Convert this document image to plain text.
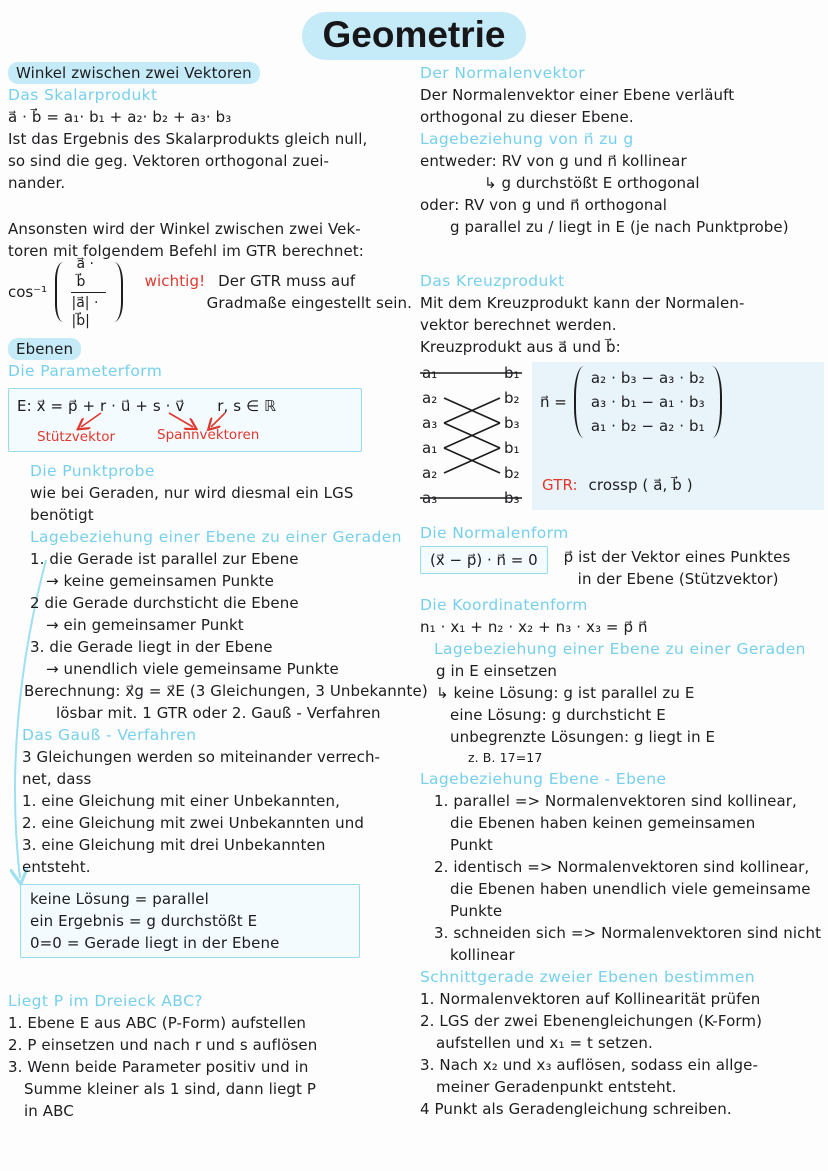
Geometrie
Winkel zwischen zwei Vektoren
Das Skalarprodukt
a⃗ · b⃗ = a₁· b₁ + a₂· b₂ + a₃· b₃
Ist das Ergebnis des Skalarprodukts gleich null,
so sind die geg. Vektoren orthogonal zuei-
nander.
Ansonsten wird der Winkel zwischen zwei Vek-
toren mit folgendem Befehl im GTR berechnet:
$\cos^{-1} \frac{a⃗ \cdot b⃗}{|a⃗| \cdot |b⃗|}$	wichtig! Der GTR muss auf
Gradmaße eingestellt sein.
Ebenen
Die Parameterform
E: x⃗ = p⃗ + r · u⃗ + s · v⃗ r, s ∈ ℝ
Stützvektor	Spannvektoren
Die Punktprobe
wie bei Geraden, nur wird diesmal ein LGS
benötigt
Lagebeziehung einer Ebene zu einer Geraden
1. die Gerade ist parallel zur Ebene
→ keine gemeinsamen Punkte
2 die Gerade durchsticht die Ebene
→ ein gemeinsamer Punkt
3. die Gerade liegt in der Ebene
→ unendlich viele gemeinsame Punkte
Berechnung: x⃗g = x⃗E (3 Gleichungen, 3 Unbekannte)
lösbar mit. 1 GTR oder 2. Gauß - Verfahren
Das Gauß - Verfahren
3 Gleichungen werden so miteinander verrech-
net, dass
1. eine Gleichung mit einer Unbekannten,
2. eine Gleichung mit zwei Unbekannten und
3. eine Gleichung mit drei Unbekannten
entsteht.
keine Lösung = parallel
ein Ergebnis = g durchstößt E
0=0 = Gerade liegt in der Ebene
Liegt P im Dreieck ABC?
1. Ebene E aus ABC (P-Form) aufstellen
2. P einsetzen und nach r und s auflösen
3. Wenn beide Parameter positiv und in
Summe kleiner als 1 sind, dann liegt P
in ABC
Der Normalenvektor
Der Normalenvektor einer Ebene verläuft
orthogonal zu dieser Ebene.
Lagebeziehung von n⃗ zu g
entweder: RV von g und n⃗ kollinear
↳ g durchstößt E orthogonal
oder: RV von g und n⃗ orthogonal
g parallel zu / liegt in E (je nach Punktprobe)
Das Kreuzprodukt
Mit dem Kreuzprodukt kann der Normalen-
vektor berechnet werden.
Kreuzprodukt aus a⃗ und b⃗:
a₁
a₂
a₃
a₁
a₂
a₃
b₁
b₂
b₃
b₁
b₂
b₃
n⃗ =
a₂ · b₃ − a₃ · b₂
a₃ · b₁ − a₁ · b₃
a₁ · b₂ − a₂ · b₁
GTR: crossp ( a⃗, b⃗ )
Die Normalenform
(x⃗ − p⃗) · n⃗ = 0	p⃗ ist der Vektor eines Punktes
in der Ebene (Stützvektor)
Die Koordinatenform
n₁ · x₁ + n₂ · x₂ + n₃ · x₃ = p⃗ n⃗
Lagebeziehung einer Ebene zu einer Geraden
g in E einsetzen
↳ keine Lösung: g ist parallel zu E
eine Lösung: g durchsticht E
unbegrenzte Lösungen: g liegt in E
z. B. 17=17
Lagebeziehung Ebene - Ebene
1. parallel => Normalenvektoren sind kollinear,
die Ebenen haben keinen gemeinsamen
Punkt
2. identisch => Normalenvektoren sind kollinear,
die Ebenen haben unendlich viele gemeinsame
Punkte
3. schneiden sich => Normalenvektoren sind nicht
kollinear
Schnittgerade zweier Ebenen bestimmen
1. Normalenvektoren auf Kollinearität prüfen
2. LGS der zwei Ebenengleichungen (K-Form)
aufstellen und x₁ = t setzen.
3. Nach x₂ und x₃ auflösen, sodass ein allge-
meiner Geradenpunkt entsteht.
4 Punkt als Geradengleichung schreiben.
